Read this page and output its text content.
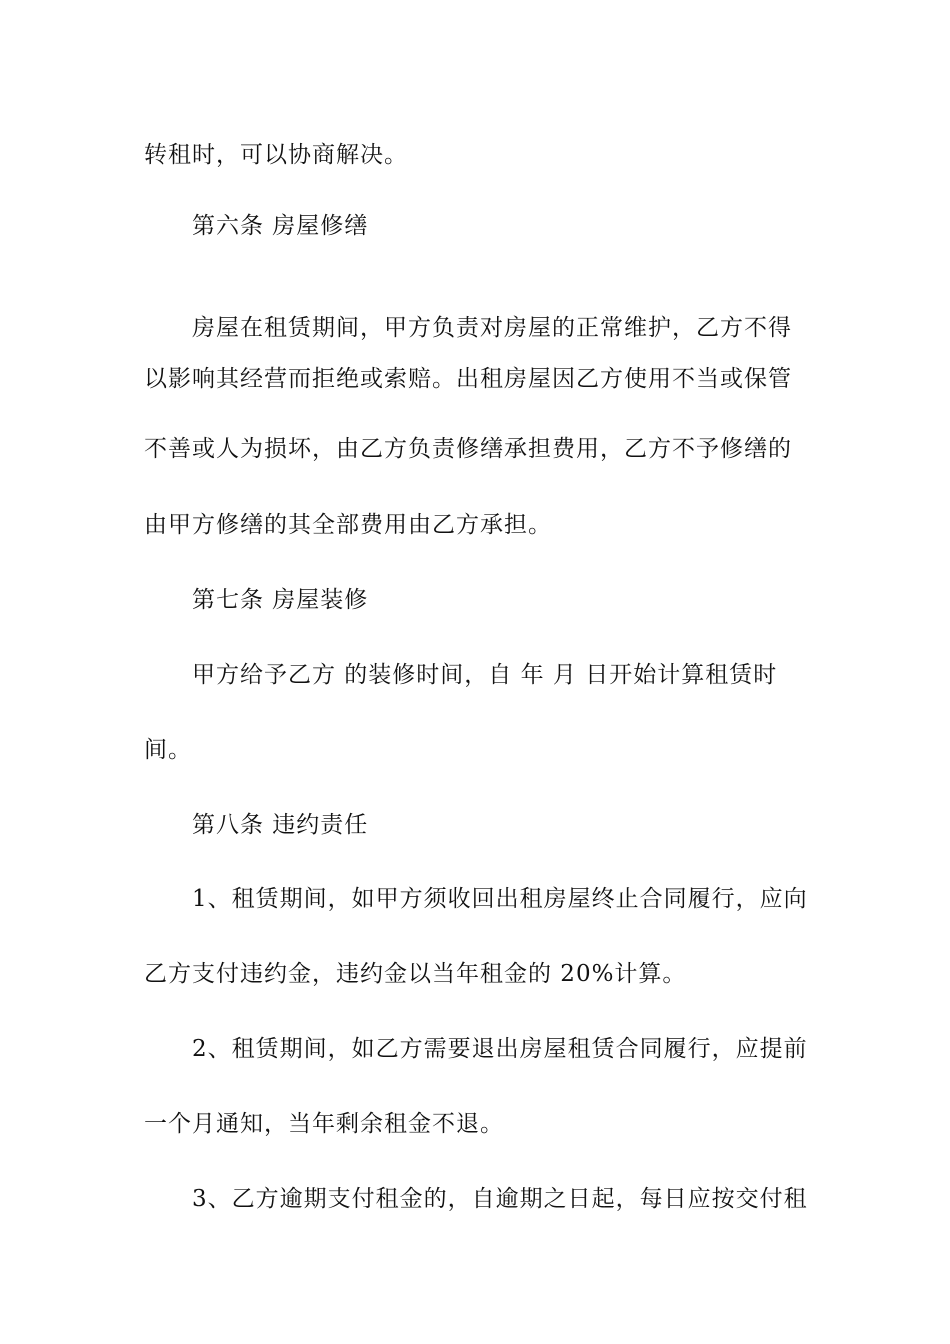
转租时，可以协商解决。
第六条 房屋修缮
房屋在租赁期间，甲方负责对房屋的正常维护，乙方不得
以影响其经营而拒绝或索赔。出租房屋因乙方使用不当或保管
不善或人为损坏，由乙方负责修缮承担费用，乙方不予修缮的
由甲方修缮的其全部费用由乙方承担。
第七条 房屋装修
甲方给予乙方 的装修时间，自 年 月 日开始计算租赁时
间。
第八条 违约责任
1、租赁期间，如甲方须收回出租房屋终止合同履行，应向
乙方支付违约金，违约金以当年租金的 20%计算。
2、租赁期间，如乙方需要退出房屋租赁合同履行，应提前
一个月通知，当年剩余租金不退。
3、乙方逾期支付租金的，自逾期之日起，每日应按交付租
